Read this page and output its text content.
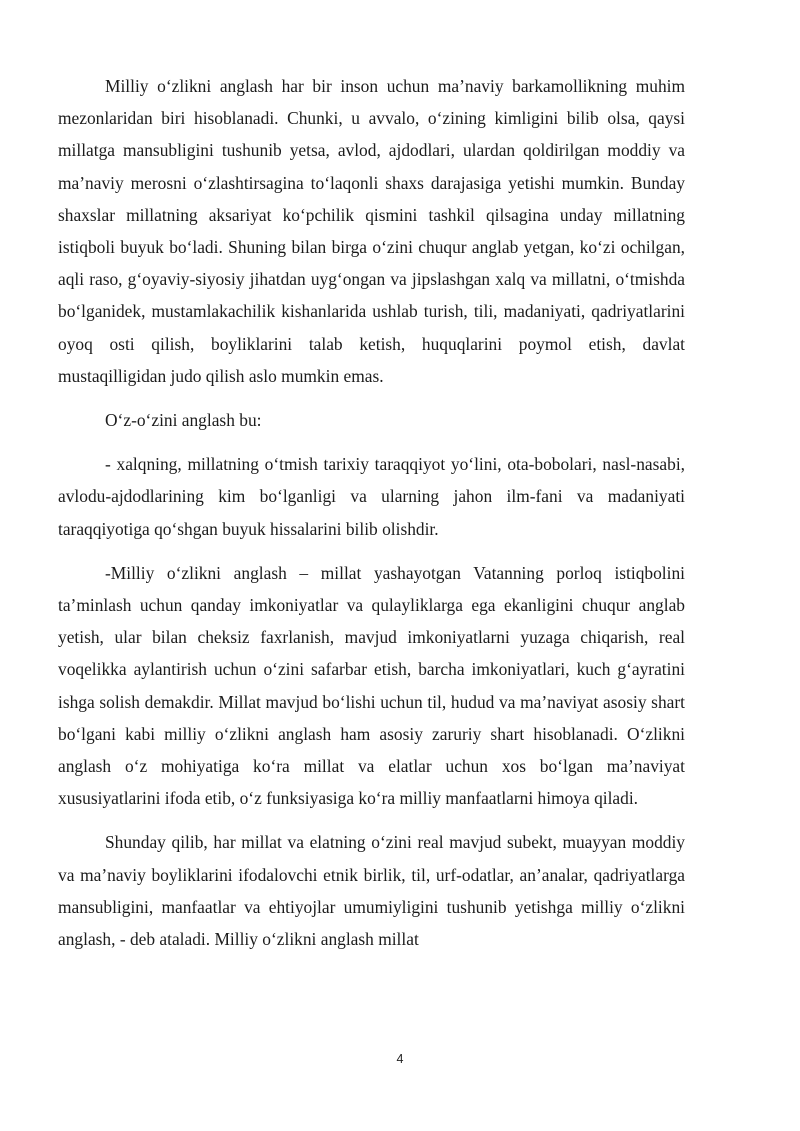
Milliy o‘zlikni anglash har bir inson uchun ma’naviy barkamollikning muhim mezonlaridan biri hisoblanadi. Chunki, u avvalo, o‘zining kimligini bilib olsa, qaysi millatga mansubligini tushunib yetsa, avlod, ajdodlari, ulardan qoldirilgan moddiy va ma’naviy merosni o‘zlashtirsagina to‘laqonli shaxs darajasiga yetishi mumkin. Bunday shaxslar millatning aksariyat ko‘pchilik qismini tashkil qilsagina unday millatning istiqboli buyuk bo‘ladi. Shuning bilan birga o‘zini chuqur anglab yetgan, ko‘zi ochilgan, aqli raso, g‘oyaviy-siyosiy jihatdan uyg‘ongan va jipslashgan xalq va millatni, o‘tmishda bo‘lganidek, mustamlakachilik kishanlarida ushlab turish, tili, madaniyati, qadriyatlarini oyoq osti qilish, boyliklarini talab ketish, huquqlarini poymol etish, davlat mustaqilligidan judo qilish aslo mumkin emas.

O‘z-o‘zini anglash bu:

- xalqning, millatning o‘tmish tarixiy taraqqiyot yo‘lini, ota-bobolari, nasl-nasabi, avlodu-ajdodlarining kim bo‘lganligi va ularning jahon ilm-fani va madaniyati taraqqiyotiga qo‘shgan buyuk hissalarini bilib olishdir.

-Milliy o‘zlikni anglash – millat yashayotgan Vatanning porloq istiqbolini ta’minlash uchun qanday imkoniyatlar va qulayliklarga ega ekanligini chuqur anglab yetish, ular bilan cheksiz faxrlanish, mavjud imkoniyatlarni yuzaga chiqarish, real voqelikka aylantirish uchun o‘zini safarbar etish, barcha imkoniyatlari, kuch g‘ayratini ishga solish demakdir. Millat mavjud bo‘lishi uchun til, hudud va ma’naviyat asosiy shart bo‘lgani kabi milliy o‘zlikni anglash ham asosiy zaruriy shart hisoblanadi. O‘zlikni anglash o‘z mohiyatiga ko‘ra millat va elatlar uchun xos bo‘lgan ma’naviyat xususiyatlarini ifoda etib, o‘z funksiyasiga ko‘ra milliy manfaatlarni himoya qiladi.

Shunday qilib, har millat va elatning o‘zini real mavjud subekt, muayyan moddiy va ma’naviy boyliklarini ifodalovchi etnik birlik, til, urf-odatlar, an’analar, qadriyatlarga mansubligini, manfaatlar va ehtiyojlar umumiyligini tushunib yetishga milliy o‘zlikni anglash, - deb ataladi. Milliy o‘zlikni anglash millat

4
